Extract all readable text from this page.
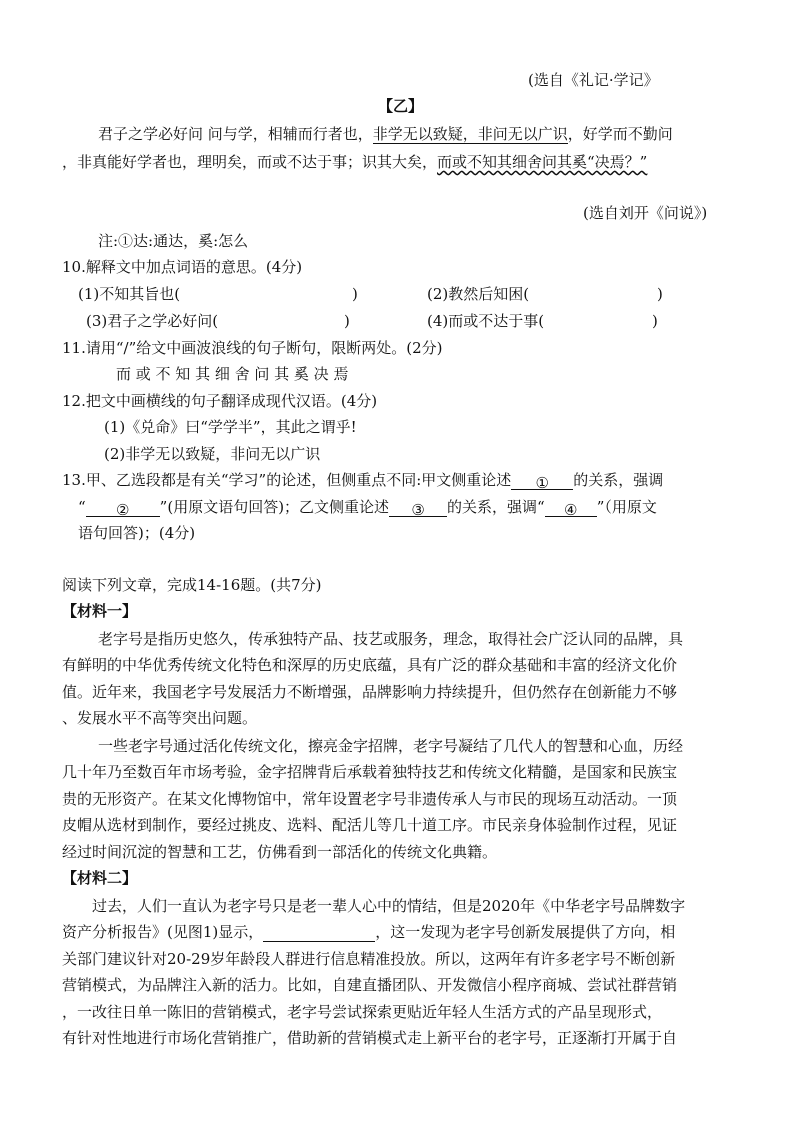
(选自《礼记·学记》
【乙】
君子之学必好问 问与学，相辅而行者也，非学无以致疑，非问无以广识，好学而不勤问
，非真能好学者也，理明矣，而或不达于事；识其大矣，而或不知其细舍问其奚“决焉？”
(选自刘开《问说》)
注:①达:通达，奚:怎么
10.解释文中加点词语的意思。(4分)
(1)不知其旨也(	)	(2)教然后知困(	)
(3)君子之学必好问(	)	(4)而或不达于事(	)
11.请用“/”给文中画波浪线的句子断句，限断两处。(2分)
而 或 不 知 其 细 舍 问 其 奚 决 焉
12.把文中画横线的句子翻译成现代汉语。(4分)
(1)《兑命》曰“学学半”，其此之谓乎!
(2)非学无以致疑，非问无以广识
13.甲、乙选段都是有关“学习”的论述，但侧重点不同:甲文侧重论述 ① 的关系，强调
“ ② ”(用原文语句回答)；乙文侧重论述 ③ 的关系，强调“ ④ ”（用原文
语句回答)；(4分)
阅读下列文章，完成14-16题。(共7分)
【材料一】
老字号是指历史悠久，传承独特产品、技艺或服务，理念，取得社会广泛认同的品牌，具
有鲜明的中华优秀传统文化特色和深厚的历史底蕴，具有广泛的群众基础和丰富的经济文化价
值。近年来，我国老字号发展活力不断增强，品牌影响力持续提升，但仍然存在创新能力不够
、发展水平不高等突出问题。
一些老字号通过活化传统文化，擦亮金字招牌，老字号凝结了几代人的智慧和心血，历经
几十年乃至数百年市场考验，金字招牌背后承载着独特技艺和传统文化精髓，是国家和民族宝
贵的无形资产。在某文化博物馆中，常年设置老字号非遗传承人与市民的现场互动活动。一顶
皮帽从选材到制作，要经过挑皮、选料、配活儿等几十道工序。市民亲身体验制作过程，见证
经过时间沉淀的智慧和工艺，仿佛看到一部活化的传统文化典籍。
【材料二】
过去，人们一直认为老字号只是老一辈人心中的情结，但是2020年《中华老字号品牌数字
资产分析报告》(见图1)显示，	，这一发现为老字号创新发展提供了方向，相
关部门建议针对20-29岁年龄段人群进行信息精准投放。所以，这两年有许多老字号不断创新
营销模式，为品牌注入新的活力。比如，自建直播团队、开发微信小程序商城、尝试社群营销
，一改往日单一陈旧的营销模式，老字号尝试探索更贴近年轻人生活方式的产品呈现形式，
有针对性地进行市场化营销推广，借助新的营销模式走上新平台的老字号，正逐渐打开属于自
